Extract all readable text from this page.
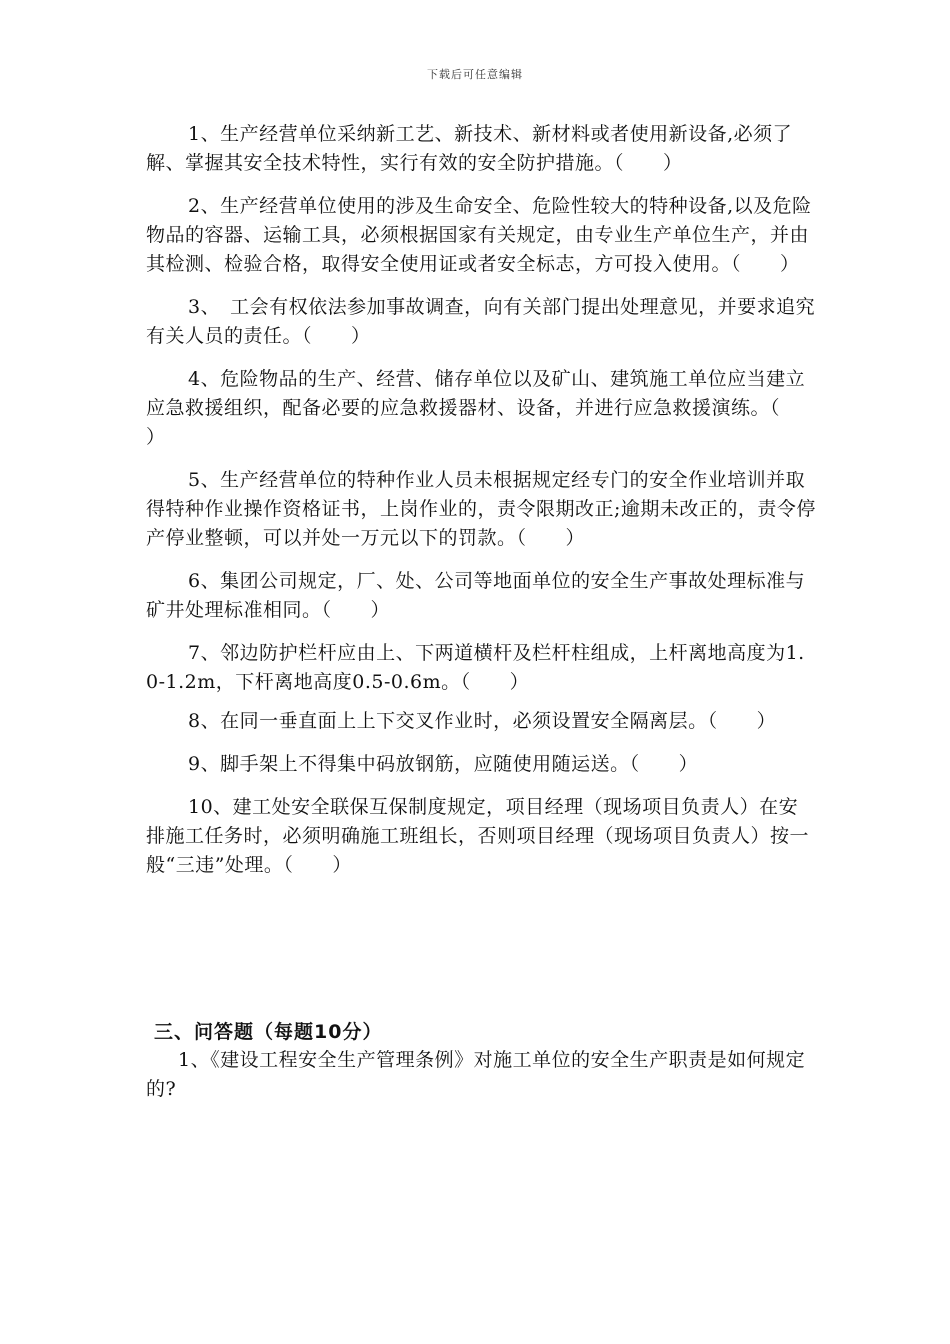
下载后可任意编辑

1、生产经营单位采纳新工艺、新技术、新材料或者使用新设备,必须了解、掌握其安全技术特性，实行有效的安全防护措施。（　　）

2、生产经营单位使用的涉及生命安全、危险性较大的特种设备,以及危险物品的容器、运输工具，必须根据国家有关规定，由专业生产单位生产，并由其检测、检验合格，取得安全使用证或者安全标志，方可投入使用。（　　）

3、　工会有权依法参加事故调查，向有关部门提出处理意见，并要求追究有关人员的责任。（　　）

4、危险物品的生产、经营、储存单位以及矿山、建筑施工单位应当建立应急救援组织，配备必要的应急救援器材、设备，并进行应急救援演练。（　　）

5、生产经营单位的特种作业人员未根据规定经专门的安全作业培训并取得特种作业操作资格证书，上岗作业的，责令限期改正;逾期未改正的，责令停产停业整顿，可以并处一万元以下的罚款。（　　）

6、集团公司规定，厂、处、公司等地面单位的安全生产事故处理标准与矿井处理标准相同。（　　）

7、邻边防护栏杆应由上、下两道横杆及栏杆柱组成，上杆离地高度为1.0-1.2m，下杆离地高度0.5-0.6m。（　　）

8、在同一垂直面上上下交叉作业时，必须设置安全隔离层。（　　）

9、脚手架上不得集中码放钢筋，应随使用随运送。（　　）

10、建工处安全联保互保制度规定，项目经理（现场项目负责人）在安排施工任务时，必须明确施工班组长，否则项目经理（现场项目负责人）按一般“三违”处理。（　　）

三、问答题（每题10分）
1、《建设工程安全生产管理条例》对施工单位的安全生产职责是如何规定的?
